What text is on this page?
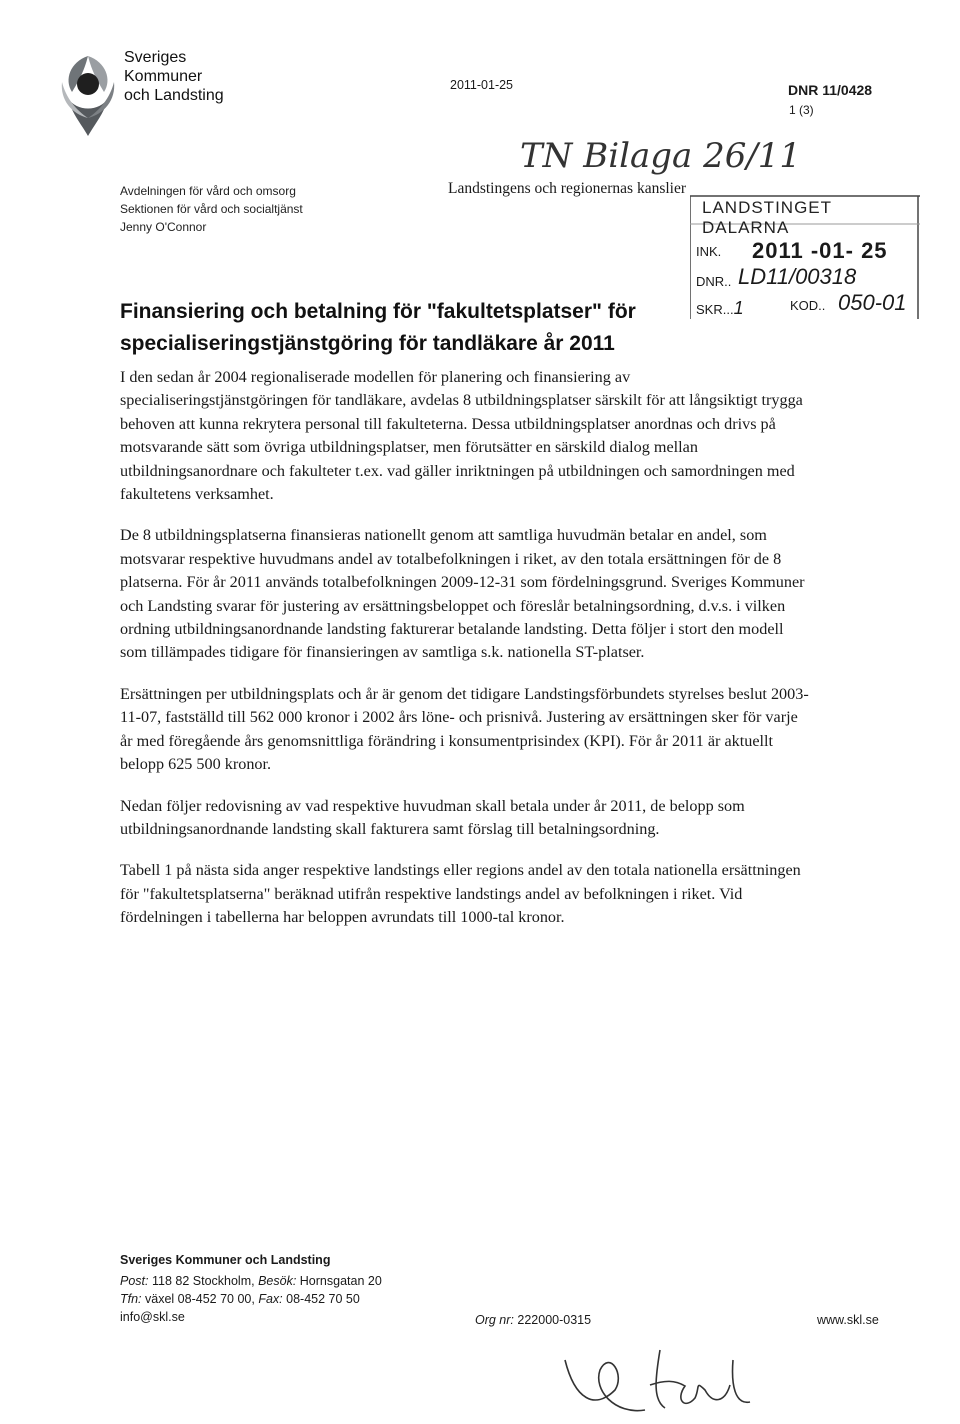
Sveriges
Kommuner
och Landsting
2011-01-25	DNR 11/0428
1 (3)
TN Bilaga 26/11
Avdelningen för vård och omsorg
Sektionen för vård och socialtjänst
Jenny O'Connor
Landstingens och regionernas kanslier
LANDSTINGET DALARNA
INK. 2011 -01- 25
DNR.. LD11/00318
SKR...1	KOD.. 050-01
Finansiering och betalning för "fakultetsplatser" för
specialiseringstjänstgöring för tandläkare år 2011

I den sedan år 2004 regionaliserade modellen för planering och finansiering av specialiseringstjänstgöringen för tandläkare, avdelas 8 utbildningsplatser särskilt för att långsiktigt trygga behoven att kunna rekrytera personal till fakulteterna. Dessa utbildningsplatser anordnas och drivs på motsvarande sätt som övriga utbildningsplatser, men förutsätter en särskild dialog mellan utbildningsanordnare och fakulteter t.ex. vad gäller inriktningen på utbildningen och samordningen med fakultetens verksamhet.

De 8 utbildningsplatserna finansieras nationellt genom att samtliga huvudmän betalar en andel, som motsvarar respektive huvudmans andel av totalbefolkningen i riket, av den totala ersättningen för de 8 platserna. För år 2011 används totalbefolkningen 2009-12-31 som fördelningsgrund. Sveriges Kommuner och Landsting svarar för justering av ersättningsbeloppet och föreslår betalningsordning, d.v.s. i vilken ordning utbildningsanordnande landsting fakturerar betalande landsting. Detta följer i stort den modell som tillämpades tidigare för finansieringen av samtliga s.k. nationella ST-platser.

Ersättningen per utbildningsplats och år är genom det tidigare Landstingsförbundets styrelses beslut 2003-11-07, fastställd till 562 000 kronor i 2002 års löne- och prisnivå. Justering av ersättningen sker för varje år med föregående års genomsnittliga förändring i konsumentprisindex (KPI). För år 2011 är aktuellt belopp 625 500 kronor.

Nedan följer redovisning av vad respektive huvudman skall betala under år 2011, de belopp som utbildningsanordnande landsting skall fakturera samt förslag till betalningsordning.

Tabell 1 på nästa sida anger respektive landstings eller regions andel av den totala nationella ersättningen för "fakultetsplatserna" beräknad utifrån respektive landstings andel av befolkningen i riket. Vid fördelningen i tabellerna har beloppen avrundats till 1000-tal kronor.

Sveriges Kommuner och Landsting
Post: 118 82 Stockholm, Besök: Hornsgatan 20
Tfn: växel 08-452 70 00, Fax: 08-452 70 50
info@skl.se	Org nr: 222000-0315	www.skl.se
